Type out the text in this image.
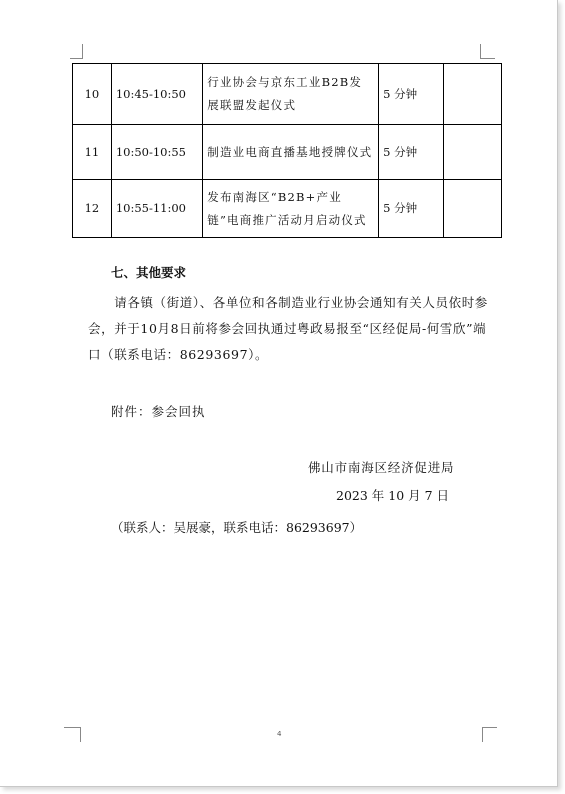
10	10:45-10:50	行业协会与京东工业B2B发展联盟发起仪式	5 分钟	
11	10:50-10:55	制造业电商直播基地授牌仪式	5 分钟	
12	10:55-11:00	发布南海区“B2B+产业链”电商推广活动月启动仪式	5 分钟	
七、其他要求
请各镇（街道）、各单位和各制造业行业协会通知有关人员依时参会，并于10月8日前将参会回执通过粤政易报至“区经促局-何雪欣”端口（联系电话：86293697）。
附件：参会回执
佛山市南海区经济促进局
2023 年 10 月 7 日
（联系人：吴展豪，联系电话：86293697）
4
